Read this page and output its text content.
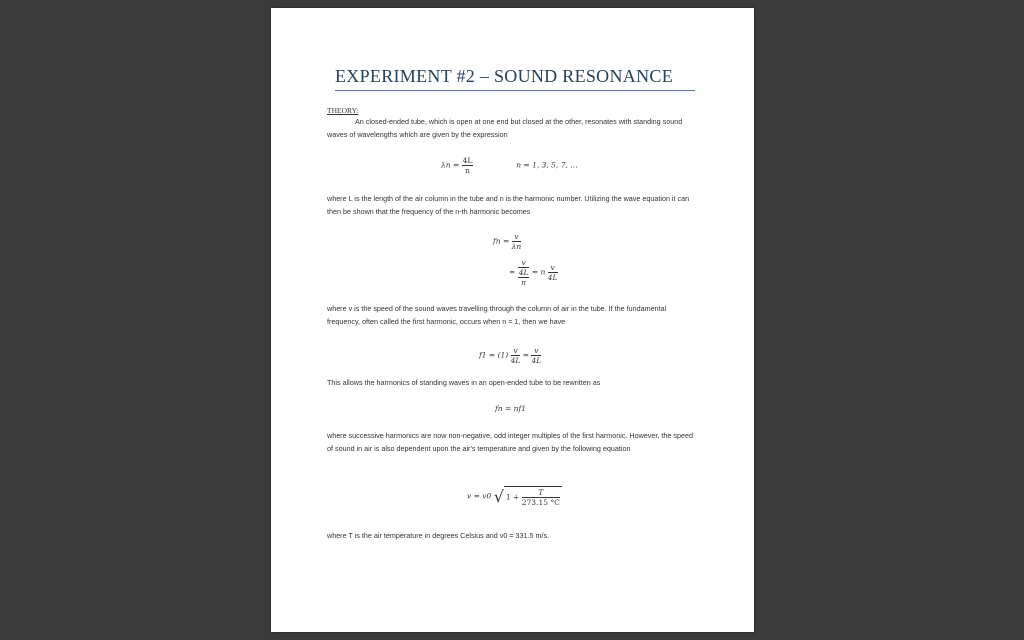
EXPERIMENT #2 – SOUND RESONANCE
THEORY:
An closed-ended tube, which is open at one end but closed at the other, resonates with standing sound waves of wavelengths which are given by the expression
$\lambda n = \frac{4L}{n}$	n = 1, 3, 5, 7, …
where L is the length of the air column in the tube and n is the harmonic number. Utilizing the wave equation it can then be shown that the frequency of the n-th harmonic becomes
fn = $\frac{v}{\lambda n}$
= $\frac{v}{\frac{4L}{n}} = n \frac{v}{4L}$
where v is the speed of the sound waves travelling through the column of air in the tube. If the fundamental frequency, often called the first harmonic, occurs when n = 1, then we have
$f1 = (1) \frac{v}{4L} = \frac{v}{4L}$
This allows the harmonics of standing waves in an open-ended tube to be rewritten as
fn = nf1
where successive harmonics are now non-negative, odd integer multiples of the first harmonic. However, the speed of sound in air is also dependent upon the air's temperature and given by the following equation
v = v0 √ $1 + \frac{T}{273.15 ^\circ C}$
where T is the air temperature in degrees Celsius and v0 = 331.5 m/s.
